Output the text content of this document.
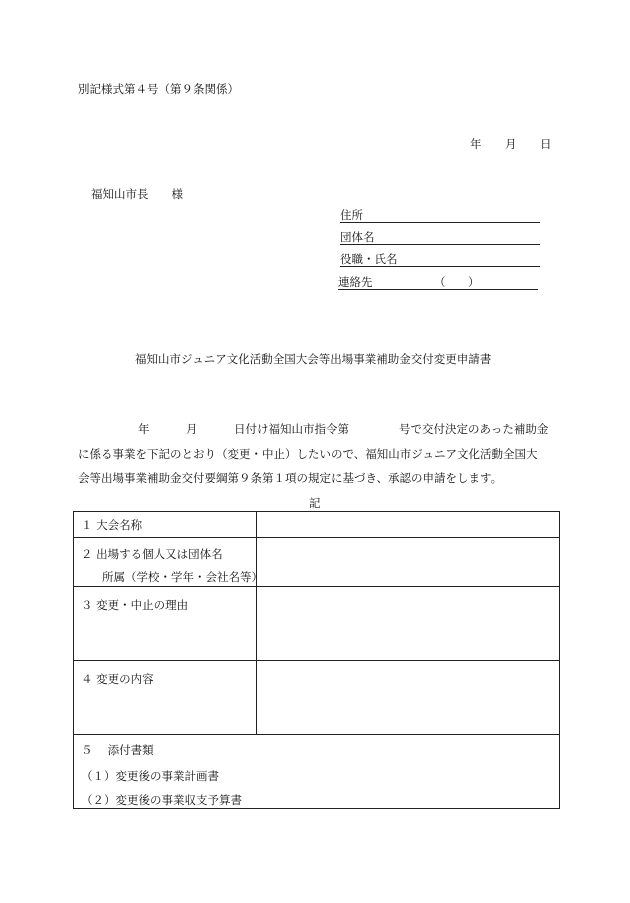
別記様式第４号（第９条関係）
年 月 日
福知山市長　　様
住所
団体名
役職・氏名
連絡先	（ ）
福知山市ジュニア文化活動全国大会等出場事業補助金交付変更申請書
年	月	日付け福知山市指令第	号で交付決定のあった補助金
に係る事業を下記のとおり（変更・中止）したいので、福知山市ジュニア文化活動全国大
会等出場事業補助金交付要綱第９条第１項の規定に基づき、承認の申請をします。
記
１ 大会名称
２ 出場する個人又は団体名
所属（学校・学年・会社名等）
３ 変更・中止の理由
４ 変更の内容
５　 添付書類
（１）変更後の事業計画書
（２）変更後の事業収支予算書
